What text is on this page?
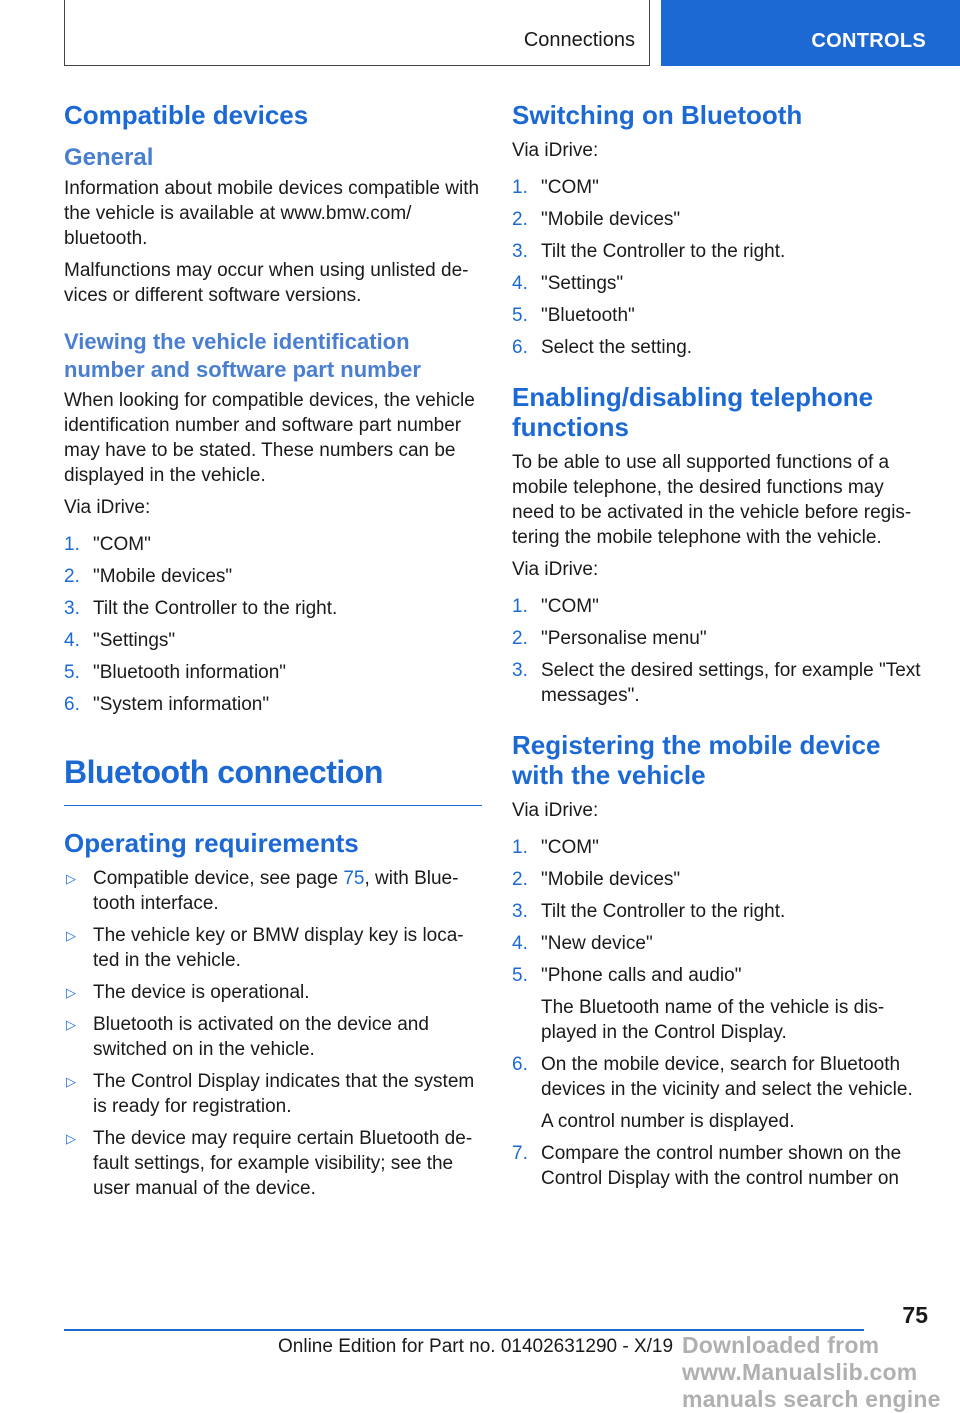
Connections	CONTROLS
Compatible devices
General

Information about mobile devices compatible with the vehicle is available at www.bmw.com/ bluetooth.

Malfunctions may occur when using unlisted de‐ vices or different software versions.

Viewing the vehicle identification number and software part number

When looking for compatible devices, the vehicle identification number and software part number may have to be stated. These numbers can be displayed in the vehicle.

Via iDrive:

1. "COM"
2. "Mobile devices"
3. Tilt the Controller to the right.
4. "Settings"
5. "Bluetooth information"
6. "System information"
Bluetooth connection
Operating requirements
▷ Compatible device, see page 75, with Blue‐ tooth interface.
▷ The vehicle key or BMW display key is loca‐ ted in the vehicle.
▷ The device is operational.
▷ Bluetooth is activated on the device and switched on in the vehicle.
▷ The Control Display indicates that the system is ready for registration.
▷ The device may require certain Bluetooth de‐ fault settings, for example visibility; see the user manual of the device.
Switching on Bluetooth

Via iDrive:

1. "COM"
2. "Mobile devices"
3. Tilt the Controller to the right.
4. "Settings"
5. "Bluetooth"
6. Select the setting.
Enabling/disabling telephone functions

To be able to use all supported functions of a mobile telephone, the desired functions may need to be activated in the vehicle before regis‐ tering the mobile telephone with the vehicle.

Via iDrive:

1. "COM"
2. "Personalise menu"
3. Select the desired settings, for example "Text messages".
Registering the mobile device with the vehicle

Via iDrive:

1. "COM"
2. "Mobile devices"
3. Tilt the Controller to the right.
4. "New device"
5. "Phone calls and audio"
The Bluetooth name of the vehicle is dis‐ played in the Control Display.
6. On the mobile device, search for Bluetooth devices in the vicinity and select the vehicle.
A control number is displayed.
7. Compare the control number shown on the Control Display with the control number on
75
Online Edition for Part no. 01402631290 - X/19 Downloaded from www.Manualslib.com manuals search engine
